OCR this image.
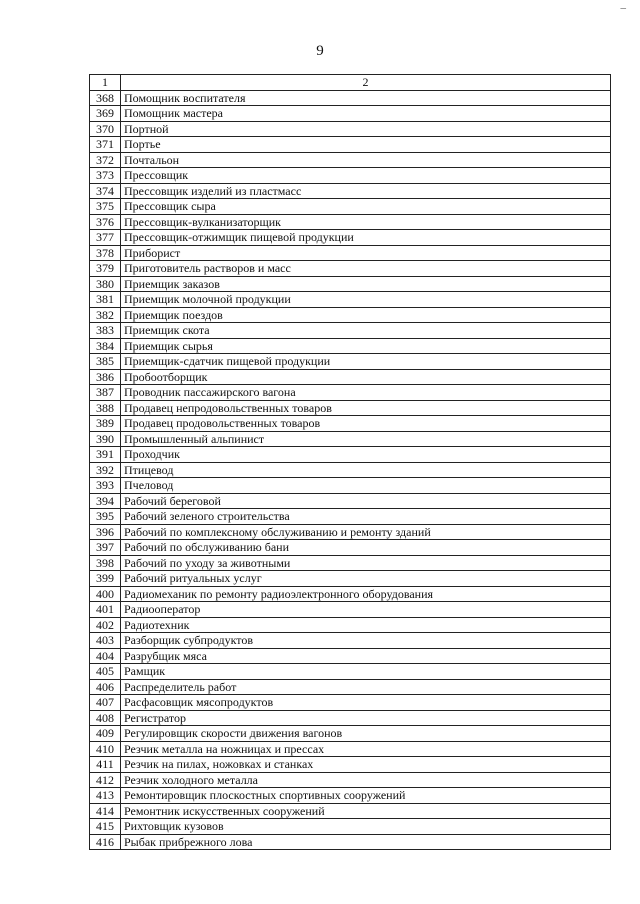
–
9
1	2
368	Помощник воспитателя
369	Помощник мастера
370	Портной
371	Портье
372	Почтальон
373	Прессовщик
374	Прессовщик изделий из пластмасс
375	Прессовщик сыра
376	Прессовщик-вулканизаторщик
377	Прессовщик-отжимщик пищевой продукции
378	Приборист
379	Приготовитель растворов и масс
380	Приемщик заказов
381	Приемщик молочной продукции
382	Приемщик поездов
383	Приемщик скота
384	Приемщик сырья
385	Приемщик-сдатчик пищевой продукции
386	Пробоотборщик
387	Проводник пассажирского вагона
388	Продавец непродовольственных товаров
389	Продавец продовольственных товаров
390	Промышленный альпинист
391	Проходчик
392	Птицевод
393	Пчеловод
394	Рабочий береговой
395	Рабочий зеленого строительства
396	Рабочий по комплексному обслуживанию и ремонту зданий
397	Рабочий по обслуживанию бани
398	Рабочий по уходу за животными
399	Рабочий ритуальных услуг
400	Радиомеханик по ремонту радиоэлектронного оборудования
401	Радиооператор
402	Радиотехник
403	Разборщик субпродуктов
404	Разрубщик мяса
405	Рамщик
406	Распределитель работ
407	Расфасовщик мясопродуктов
408	Регистратор
409	Регулировщик скорости движения вагонов
410	Резчик металла на ножницах и прессах
411	Резчик на пилах, ножовках и станках
412	Резчик холодного металла
413	Ремонтировщик плоскостных спортивных сооружений
414	Ремонтник искусственных сооружений
415	Рихтовщик кузовов
416	Рыбак прибрежного лова
